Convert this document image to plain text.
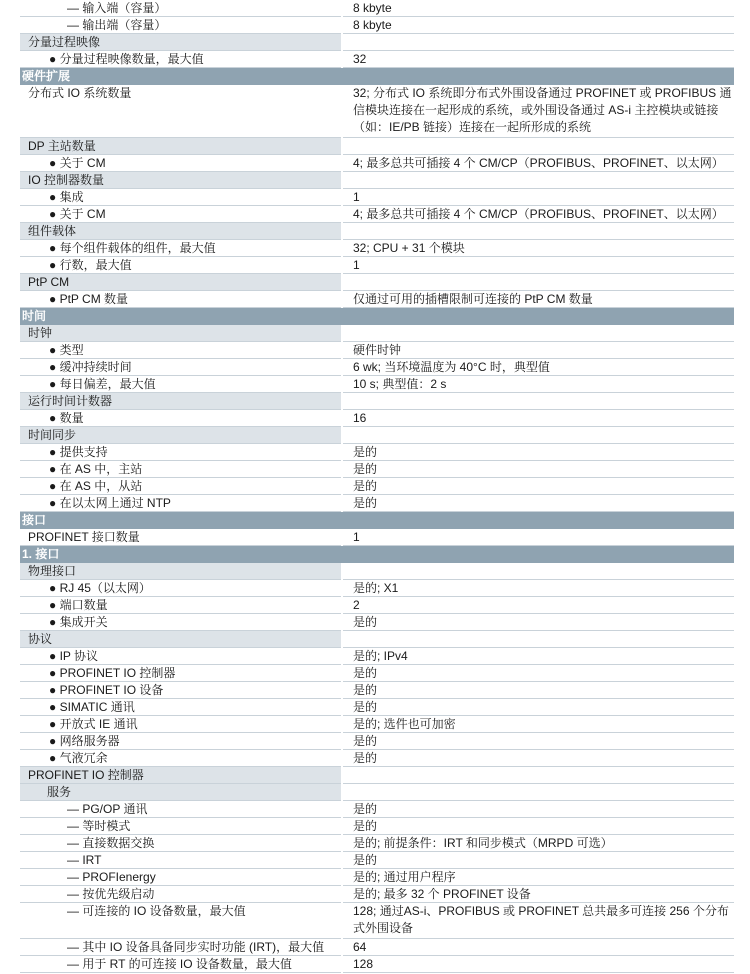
— 输入端（容量）	8 kbyte
— 输出端（容量）	8 kbyte
分量过程映像
● 分量过程映像数量，最大值	32
硬件扩展
分布式 IO 系统数量	32; 分布式 IO 系统即分布式外围设备通过 PROFINET 或 PROFIBUS 通信模块连接在一起形成的系统，或外围设备通过 AS-i 主控模块或链接（如：IE/PB 链接）连接在一起所形成的系统
DP 主站数量
● 关于 CM	4; 最多总共可插接 4 个 CM/CP（PROFIBUS、PROFINET、以太网）
IO 控制器数量
● 集成	1
● 关于 CM	4; 最多总共可插接 4 个 CM/CP（PROFIBUS、PROFINET、以太网）
组件载体
● 每个组件载体的组件，最大值	32; CPU + 31 个模块
● 行数，最大值	1
PtP CM
● PtP CM 数量	仅通过可用的插槽限制可连接的 PtP CM 数量
时间
时钟
● 类型	硬件时钟
● 缓冲持续时间	6 wk; 当环境温度为 40°C 时，典型值
● 每日偏差，最大值	10 s; 典型值：2 s
运行时间计数器
● 数量	16
时间同步
● 提供支持	是的
● 在 AS 中，主站	是的
● 在 AS 中，从站	是的
● 在以太网上通过 NTP	是的
接口
PROFINET 接口数量	1
1. 接口
物理接口
● RJ 45（以太网）	是的; X1
● 端口数量	2
● 集成开关	是的
协议
● IP 协议	是的; IPv4
● PROFINET IO 控制器	是的
● PROFINET IO 设备	是的
● SIMATIC 通讯	是的
● 开放式 IE 通讯	是的; 选件也可加密
● 网络服务器	是的
● 气液冗余	是的
PROFINET IO 控制器
服务
— PG/OP 通讯	是的
— 等时模式	是的
— 直接数据交换	是的; 前提条件：IRT 和同步模式（MRPD 可选）
— IRT	是的
— PROFIenergy	是的; 通过用户程序
— 按优先级启动	是的; 最多 32 个 PROFINET 设备
— 可连接的 IO 设备数量，最大值	128; 通过AS-i、PROFIBUS 或 PROFINET 总共最多可连接 256 个分布式外围设备
— 其中 IO 设备具备同步实时功能 (IRT)，最大值	64
— 用于 RT 的可连接 IO 设备数量，最大值	128
